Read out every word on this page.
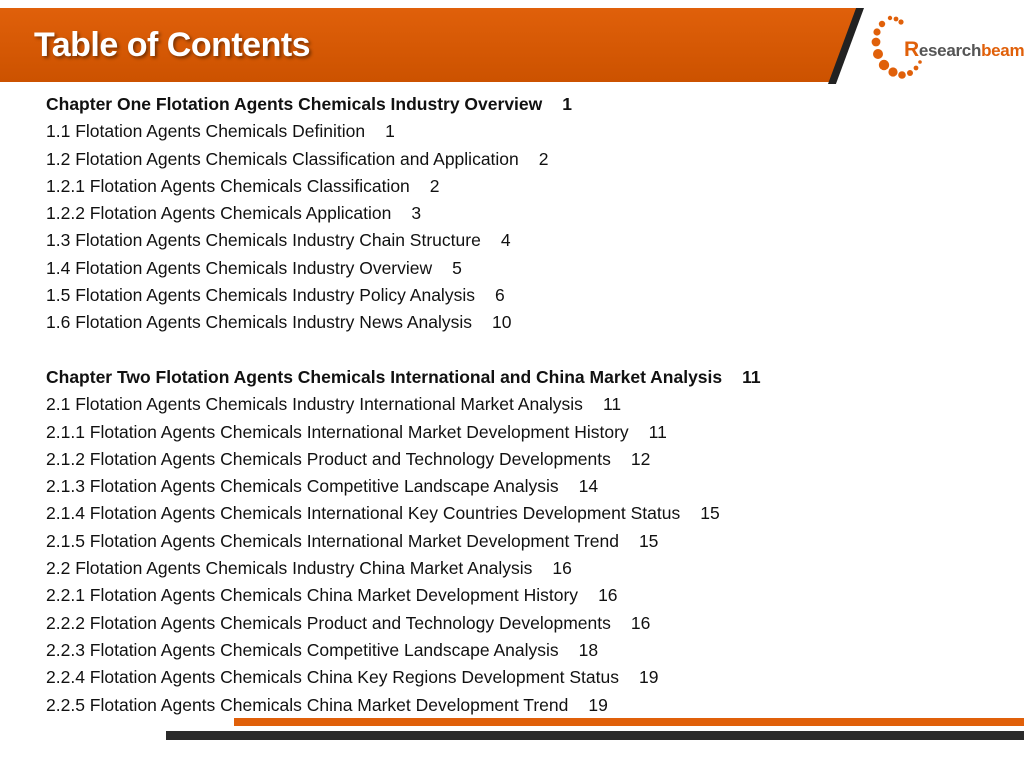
Table of Contents	Researchbeam
Chapter One Flotation Agents Chemicals Industry Overview 1
1.1 Flotation Agents Chemicals Definition 1
1.2 Flotation Agents Chemicals Classification and Application 2
1.2.1 Flotation Agents Chemicals Classification 2
1.2.2 Flotation Agents Chemicals Application 3
1.3 Flotation Agents Chemicals Industry Chain Structure 4
1.4 Flotation Agents Chemicals Industry Overview 5
1.5 Flotation Agents Chemicals Industry Policy Analysis 6
1.6 Flotation Agents Chemicals Industry News Analysis 10
Chapter Two Flotation Agents Chemicals International and China Market Analysis 11
2.1 Flotation Agents Chemicals Industry International Market Analysis 11
2.1.1 Flotation Agents Chemicals International Market Development History 11
2.1.2 Flotation Agents Chemicals Product and Technology Developments 12
2.1.3 Flotation Agents Chemicals Competitive Landscape Analysis 14
2.1.4 Flotation Agents Chemicals International Key Countries Development Status 15
2.1.5 Flotation Agents Chemicals International Market Development Trend 15
2.2 Flotation Agents Chemicals Industry China Market Analysis 16
2.2.1 Flotation Agents Chemicals China Market Development History 16
2.2.2 Flotation Agents Chemicals Product and Technology Developments 16
2.2.3 Flotation Agents Chemicals Competitive Landscape Analysis 18
2.2.4 Flotation Agents Chemicals China Key Regions Development Status 19
2.2.5 Flotation Agents Chemicals China Market Development Trend 19
